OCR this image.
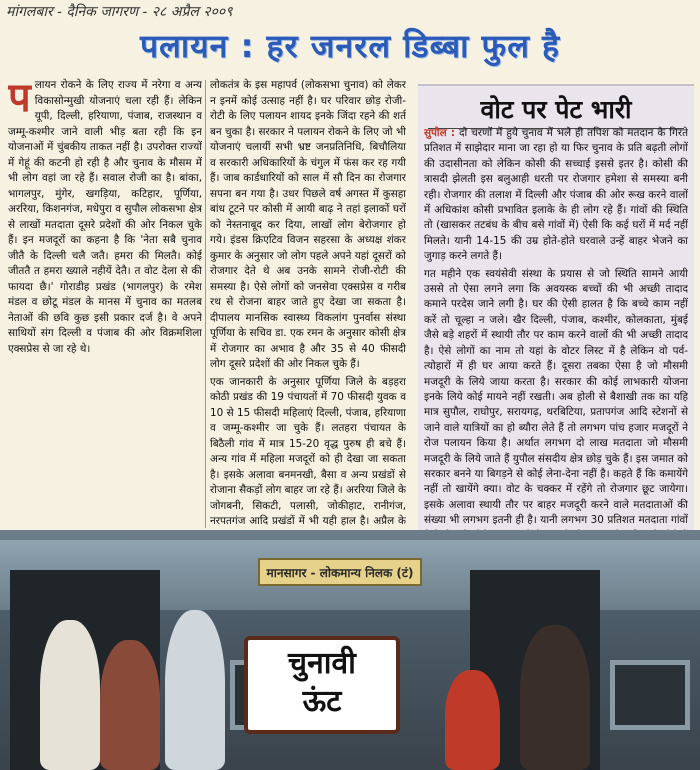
मांगलबार - दैनिक जागरण - २८ अप्रैल २००९
पलायन : हर जनरल डिब्बा फुल है
प लायन रोकने के लिए राज्य में नरेगा व अन्य विकासोन्मुखी योजनाएं चला रही हैं। लेकिन यूपी, दिल्ली, हरियाणा, पंजाब, राजस्थान व जम्मू-कश्मीर जाने वाली भीड़ बता रही कि इन योजनाओं में चुंबकीय ताकत नहीं है। उपरोक्त राज्यों में गेहूं की कटनी हो रही है और चुनाव के मौसम में भी लोग वहां जा रहे हैं। सवाल रोजी का है। बांका, भागलपुर, मुंगेर, खगड़िया, कटिहार, पूर्णिया, अररिया, किशनगंज, मधेपुरा व सुपौल लोकसभा क्षेत्र से लाखों मतदाता दूसरे प्रदेशों की ओर निकल चुके हैं। इन मजदूरों का कहना है कि 'नेता सबै चुनाव जीतै के दिल्ली चलै जतै। हमरा की मिलतै। कोई जीततै त हमरा ख्याले नहीयें देतै। त वोट देला से की फायदा छै।' गोराडीह प्रखंड (भागलपुर) के रमेश मंडल व छोटू मंडल के मानस में चुनाव का मतलब नेताओं की छवि कुछ इसी प्रकार दर्ज है। वे अपने साथियों संग दिल्ली व पंजाब की ओर विक्रमशिला एक्सप्रेस से जा रहे थे।

लोकतंत्र के इस महापर्व (लोकसभा चुनाव) को लेकर न इनमें कोई उत्साह नहीं है। घर परिवार छोड़ रोजी-रोटी के लिए पलायन शायद इनके जिंदा रहने की शर्त बन चुका है। सरकार ने पलायन रोकने के लिए जो भी योजनाएं चलायीं सभी भ्रष्ट जनप्रतिनिधि, बिचौलिया व सरकारी अधिकारियों के चंगुल में फंस कर रह गयी हैं। जाब कार्डधारियों को साल में सौ दिन का रोजगार सपना बन गया है। उधर पिछले वर्ष अगस्त में कुसहा बांध टूटने पर कोसी में आयी बाढ़ ने तहां इलाकों घरों को नेस्तनाबूद कर दिया, लाखों लोग बेरोजगार हो गये। इंडस क्रिएटिव विजन सहरसा के अध्यक्ष शंकर कुमार के अनुसार जो लोग पहले अपने यहां दूसरों को रोजगार देते थे अब उनके सामने रोजी-रोटी की समस्या है। ऐसे लोगों को जनसेवा एक्सप्रेस व गरीब रथ से रोजना बाहर जाते हुए देखा जा सकता है। दीपालय मानसिक स्वास्थ्य विकलांग पुनर्वास संस्था पूर्णिया के सचिव डा. एक रमन के अनुसार कोसी क्षेत्र में रोजगार का अभाव है और 35 से 40 फीसदी लोग दूसरे प्रदेशों की ओर निकल चुके हैं।

एक जानकारी के अनुसार पूर्णिया जिले के बड़हरा कोठी प्रखंड की 19 पंचायतों में 70 फीसदी युवक व 10 से 15 फीसदी महिलाएं दिल्ली, पंजाब, हरियाणा व जम्मू-कश्मीर जा चुके हैं। लतहरा पंचायत के बिठैली गांव में मात्र 15-20 वृद्ध पुरुष ही बचे हैं। अन्य गांव में महिला मजदूरों को ही देखा जा सकता है। इसके अलावा बनमनखी, बैसा व अन्य प्रखंडों से रोजाना सैकड़ों लोग बाहर जा रहे हैं। अररिया जिले के जोगबनी, सिकटी, पलासी, जोकीहाट, रानीगंज, नरपतगंज आदि प्रखंडों में भी यही हाल है। अप्रैल के

वोट पर पेट भारी

सुपौल : दो चरणों में हुये चुनाव में भले ही तपिश को मतदान के गिरते प्रतिशत में साझेदार माना जा रहा हो या फिर चुनाव के प्रति बढ़ती लोगों की उदासीनता को लेकिन कोसी की सच्चाई इससे इतर है। कोसी की त्रासदी झेलती इस बलुआही धरती पर रोजगार हमेशा से समस्या बनी रही। रोजगार की तलाश में दिल्ली और पंजाब की ओर रूख करने वालों में अधिकांश कोसी प्रभावित इलाके के ही लोग रहे हैं। गांवों की स्थिति तो (खासकर तटबंध के बीच बसे गांवों में) ऐसी कि कई घरों में मर्द नहीं मिलते। यानी 14-15 की उम्र होते-होते घरवाले उन्हें बाहर भेजने का जुगाड़ करने लगते हैं।

गत महीने एक स्वयंसेवी संस्था के प्रयास से जो स्थिति सामने आयी उससे तो ऐसा लगने लगा कि अवयस्क बच्चों की भी अच्छी तादाद कमाने परदेस जाने लगी है। घर की ऐसी हालत है कि बच्चे काम नहीं करें तो चूल्हा न जले। खैर दिल्ली, पंजाब, कश्मीर, कोलकाता, मुंबई जैसे बड़े शहरों में स्थायी तौर पर काम करने वालों की भी अच्छी तादाद है। ऐसे लोगों का नाम तो यहां के वोटर लिस्ट में है लेकिन वो पर्व-त्योहारों में ही घर आया करते हैं। दूसरा तबका ऐसा है जो मौसमी मजदूरी के लिये जाया करता है। सरकार की कोई लाभकारी योजना इनके लिये कोई मायने नहीं रखती। अब होली से बैशाखी तक का यहि मात्र सुपौल, राघोपुर, सरायगढ़, थरबिटिया, प्रतापगंज आदि स्टेशनों से जाने वाले यात्रियों का हो ब्यौरा लेते हैं तो लगभग पांच हजार मजदूरों ने रोज पलायन किया है। अर्थात लगभग दो लाख मतदाता जो मौसमी मजदूरी के लिये जाते हैं युपौल संसदीय क्षेत्र छोड़ चुके हैं। इस जमात को सरकार बनने या बिगड़ने से कोई लेना-देना नहीं है। कहते हैं कि कमायेंगे नहीं तो खायेंगे क्या। वोट के चक्कर में रहेंगे तो रोजगार छूट जायेगा। इसके अलावा स्थायी तौर पर बाहर मजदूरी करने वाले मतदाताओं की संख्या भी लगभग इतनी ही है। यानी लगभग 30 प्रतिशत मतदाता गांवों

मानसागर - लोकमान्य निलक (टं)
चुनावी
ऊंट
